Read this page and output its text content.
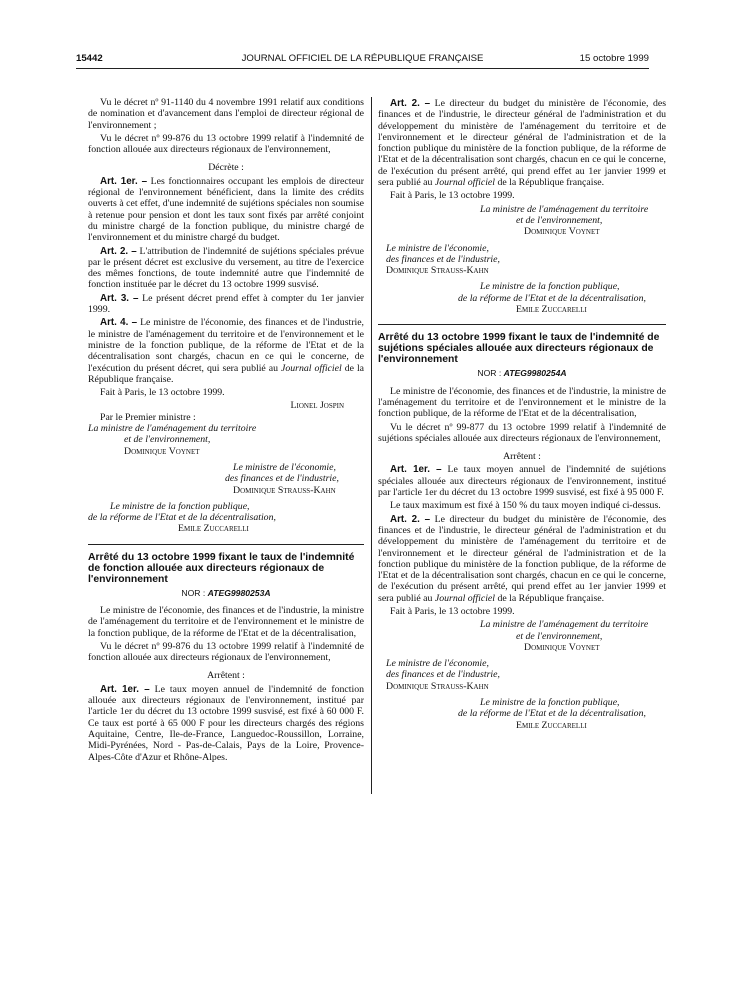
15442	JOURNAL OFFICIEL DE LA RÉPUBLIQUE FRANÇAISE	15 octobre 1999

Vu le décret nº 91-1140 du 4 novembre 1991 relatif aux conditions de nomination et d'avancement dans l'emploi de directeur régional de l'environnement ;

Vu le décret nº 99-876 du 13 octobre 1999 relatif à l'indemnité de fonction allouée aux directeurs régionaux de l'environnement,

Décrète :

Art. 1er. – Les fonctionnaires occupant les emplois de directeur régional de l'environnement bénéficient, dans la limite des crédits ouverts à cet effet, d'une indemnité de sujétions spéciales non soumise à retenue pour pension et dont les taux sont fixés par arrêté conjoint du ministre chargé de la fonction publique, du ministre chargé de l'environnement et du ministre chargé du budget.

Art. 2. – L'attribution de l'indemnité de sujétions spéciales prévue par le présent décret est exclusive du versement, au titre de l'exercice des mêmes fonctions, de toute indemnité autre que l'indemnité de fonction instituée par le décret du 13 octobre 1999 susvisé.

Art. 3. – Le présent décret prend effet à compter du 1er janvier 1999.

Art. 4. – Le ministre de l'économie, des finances et de l'industrie, le ministre de l'aménagement du territoire et de l'environnement et le ministre de la fonction publique, de la réforme de l'Etat et de la décentralisation sont chargés, chacun en ce qui le concerne, de l'exécution du présent décret, qui sera publié au Journal officiel de la République française.

Fait à Paris, le 13 octobre 1999.

Lionel Jospin
Par le Premier ministre :
La ministre de l'aménagement du territoire
et de l'environnement,
Dominique Voynet
Le ministre de l'économie,
des finances et de l'industrie,
Dominique Strauss-Kahn
Le ministre de la fonction publique,
de la réforme de l'Etat et de la décentralisation,
Emile Zuccarelli
Arrêté du 13 octobre 1999 fixant le taux de l'indemnité de fonction allouée aux directeurs régionaux de l'environnement
NOR : ATEG9980253A

Le ministre de l'économie, des finances et de l'industrie, la ministre de l'aménagement du territoire et de l'environnement et le ministre de la fonction publique, de la réforme de l'Etat et de la décentralisation,

Vu le décret nº 99-876 du 13 octobre 1999 relatif à l'indemnité de fonction allouée aux directeurs régionaux de l'environnement,

Arrêtent :

Art. 1er. – Le taux moyen annuel de l'indemnité de fonction allouée aux directeurs régionaux de l'environnement, institué par l'article 1er du décret du 13 octobre 1999 susvisé, est fixé à 60 000 F. Ce taux est porté à 65 000 F pour les directeurs chargés des régions Aquitaine, Centre, Ile-de-France, Languedoc-Roussillon, Lorraine, Midi-Pyrénées, Nord - Pas-de-Calais, Pays de la Loire, Provence-Alpes-Côte d'Azur et Rhône-Alpes.

Art. 2. – Le directeur du budget du ministère de l'économie, des finances et de l'industrie, le directeur général de l'administration et du développement du ministère de l'aménagement du territoire et de l'environnement et le directeur général de l'administration et de la fonction publique du ministère de la fonction publique, de la réforme de l'Etat et de la décentralisation sont chargés, chacun en ce qui le concerne, de l'exécution du présent arrêté, qui prend effet au 1er janvier 1999 et sera publié au Journal officiel de la République française.

Fait à Paris, le 13 octobre 1999.

La ministre de l'aménagement du territoire
et de l'environnement,
Dominique Voynet
Le ministre de l'économie,
des finances et de l'industrie,
Dominique Strauss-Kahn
Le ministre de la fonction publique,
de la réforme de l'Etat et de la décentralisation,
Emile Zuccarelli
Arrêté du 13 octobre 1999 fixant le taux de l'indemnité de sujétions spéciales allouée aux directeurs régionaux de l'environnement
NOR : ATEG9980254A

Le ministre de l'économie, des finances et de l'industrie, la ministre de l'aménagement du territoire et de l'environnement et le ministre de la fonction publique, de la réforme de l'Etat et de la décentralisation,

Vu le décret nº 99-877 du 13 octobre 1999 relatif à l'indemnité de sujétions spéciales allouée aux directeurs régionaux de l'environnement,

Arrêtent :

Art. 1er. – Le taux moyen annuel de l'indemnité de sujétions spéciales allouée aux directeurs régionaux de l'environnement, institué par l'article 1er du décret du 13 octobre 1999 susvisé, est fixé à 95 000 F.

Le taux maximum est fixé à 150 % du taux moyen indiqué ci-dessus.

Art. 2. – Le directeur du budget du ministère de l'économie, des finances et de l'industrie, le directeur général de l'administration et du développement du ministère de l'aménagement du territoire et de l'environnement et le directeur général de l'administration et de la fonction publique du ministère de la fonction publique, de la réforme de l'Etat et de la décentralisation sont chargés, chacun en ce qui le concerne, de l'exécution du présent arrêté, qui prend effet au 1er janvier 1999 et sera publié au Journal officiel de la République française.

Fait à Paris, le 13 octobre 1999.

La ministre de l'aménagement du territoire
et de l'environnement,
Dominique Voynet
Le ministre de l'économie,
des finances et de l'industrie,
Dominique Strauss-Kahn
Le ministre de la fonction publique,
de la réforme de l'Etat et de la décentralisation,
Emile Zuccarelli
